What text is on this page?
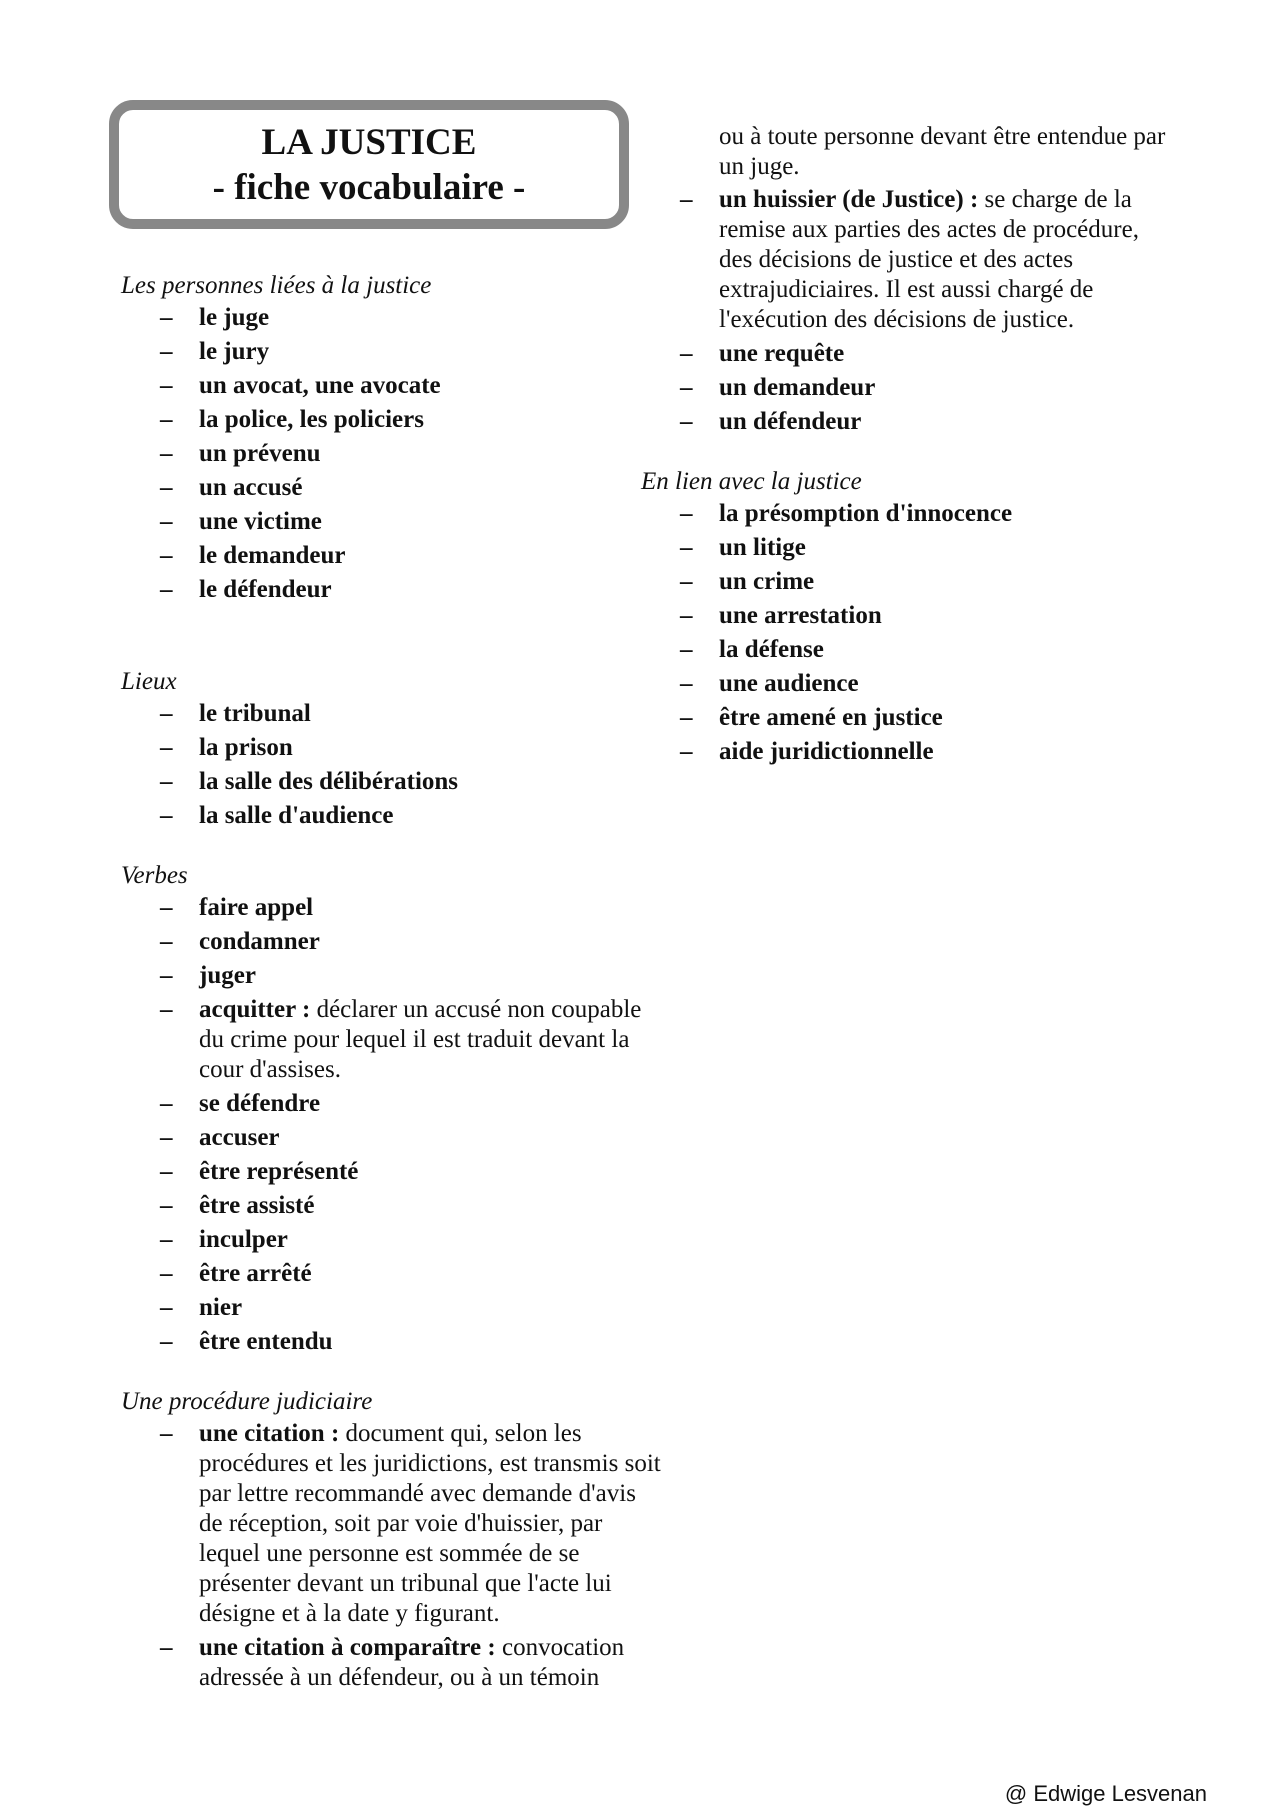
LA JUSTICE
- fiche vocabulaire -
Les personnes liées à la justice
– le juge
– le jury
– un avocat, une avocate
– la police, les policiers
– un prévenu
– un accusé
– une victime
– le demandeur
– le défendeur
Lieux
– le tribunal
– la prison
– la salle des délibérations
– la salle d'audience
Verbes
– faire appel
– condamner
– juger
– acquitter : déclarer un accusé non coupable du crime pour lequel il est traduit devant la cour d'assises.
– se défendre
– accuser
– être représenté
– être assisté
– inculper
– être arrêté
– nier
– être entendu
Une procédure judiciaire
– une citation : document qui, selon les procédures et les juridictions, est transmis soit par lettre recommandé avec demande d'avis de réception, soit par voie d'huissier, par lequel une personne est sommée de se présenter devant un tribunal que l'acte lui désigne et à la date y figurant.
– une citation à comparaître : convocation adressée à un défendeur, ou à un témoin
ou à toute personne devant être entendue par un juge.
– un huissier (de Justice) : se charge de la remise aux parties des actes de procédure, des décisions de justice et des actes extrajudiciaires. Il est aussi chargé de l'exécution des décisions de justice.
– une requête
– un demandeur
– un défendeur
En lien avec la justice
– la présomption d'innocence
– un litige
– un crime
– une arrestation
– la défense
– une audience
– être amené en justice
– aide juridictionnelle
@ Edwige Lesvenan
